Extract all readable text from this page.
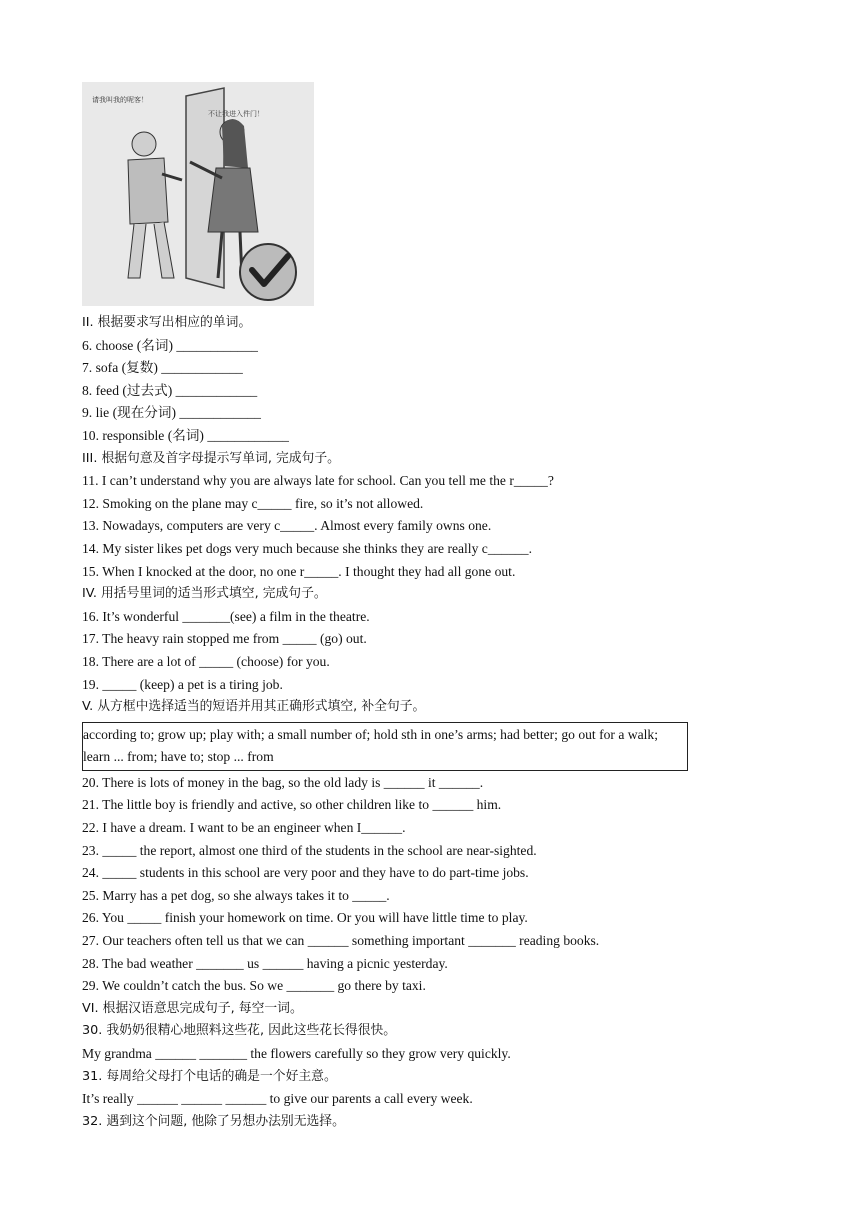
请我叫我的呢客！
不让我进入件门！

II. 根据要求写出相应的单词。

6. choose (名词) ____________

7. sofa (复数) ____________

8. feed (过去式) ____________

9. lie (现在分词) ____________

10. responsible (名词) ____________

III. 根据句意及首字母提示写单词, 完成句子。

11. I can’t understand why you are always late for school. Can you tell me the r_____?

12. Smoking on the plane may c_____ fire, so it’s not allowed.

13. Nowadays, computers are very c_____. Almost every family owns one.

14. My sister likes pet dogs very much because she thinks they are really c______.

15. When I knocked at the door, no one r_____. I thought they had all gone out.

IV. 用括号里词的适当形式填空, 完成句子。

16. It’s wonderful _______(see) a film in the theatre.

17. The heavy rain stopped me from _____ (go) out.

18. There are a lot of _____ (choose) for you.

19. _____ (keep) a pet is a tiring job.

V. 从方框中选择适当的短语并用其正确形式填空, 补全句子。

according to; grow up; play with; a small number of; hold sth in one’s arms; had better; go out for a walk; learn ... from; have to; stop ... from

20. There is lots of money in the bag, so the old lady is ______ it ______.

21. The little boy is friendly and active, so other children like to ______ him.

22. I have a dream. I want to be an engineer when I______.

23. _____ the report, almost one third of the students in the school are near-sighted.

24. _____ students in this school are very poor and they have to do part-time jobs.

25. Marry has a pet dog, so she always takes it to _____.

26. You _____ finish your homework on time. Or you will have little time to play.

27. Our teachers often tell us that we can ______ something important _______ reading books.

28. The bad weather _______ us ______ having a picnic yesterday.

29. We couldn’t catch the bus. So we _______ go there by taxi.

VI. 根据汉语意思完成句子, 每空一词。

30. 我奶奶很精心地照料这些花, 因此这些花长得很快。

My grandma ______ _______ the flowers carefully so they grow very quickly.

31. 每周给父母打个电话的确是一个好主意。

It’s really ______ ______ ______ to give our parents a call every week.

32. 遇到这个问题, 他除了另想办法别无选择。
